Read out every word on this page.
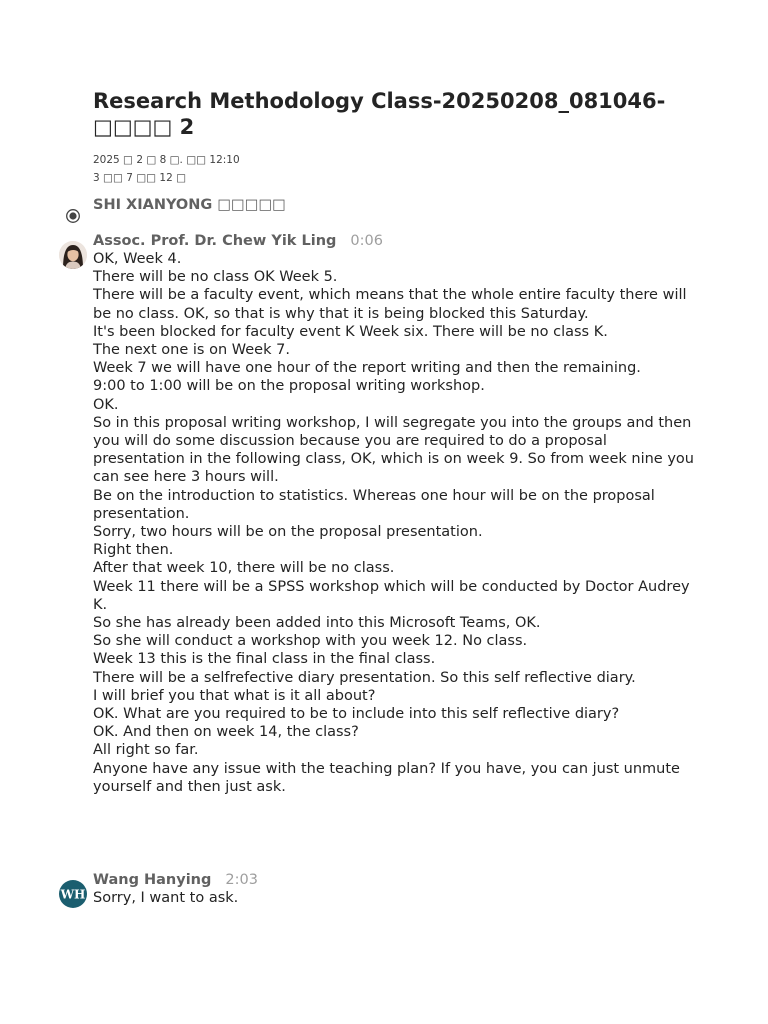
Research Methodology Class-20250208_081046-□□□□ 2
2025 □ 2 □ 8 □. □□ 12:10
3 □□ 7 □□ 12 □
SHI XIANYONG □□□□□
Assoc. Prof. Dr. Chew Yik Ling 0:06
OK, Week 4.
There will be no class OK Week 5.
There will be a faculty event, which means that the whole entire faculty there will be no class. OK, so that is why that it is being blocked this Saturday.
It's been blocked for faculty event K Week six. There will be no class K.
The next one is on Week 7.
Week 7 we will have one hour of the report writing and then the remaining.
9:00 to 1:00 will be on the proposal writing workshop.
OK.
So in this proposal writing workshop, I will segregate you into the groups and then you will do some discussion because you are required to do a proposal presentation in the following class, OK, which is on week 9. So from week nine you can see here 3 hours will.
Be on the introduction to statistics. Whereas one hour will be on the proposal presentation.
Sorry, two hours will be on the proposal presentation.
Right then.
After that week 10, there will be no class.
Week 11 there will be a SPSS workshop which will be conducted by Doctor Audrey K.
So she has already been added into this Microsoft Teams, OK.
So she will conduct a workshop with you week 12. No class.
Week 13 this is the final class in the final class.
There will be a selfrefective diary presentation. So this self reflective diary.
I will brief you that what is it all about?
OK. What are you required to be to include into this self reflective diary?
OK. And then on week 14, the class?
All right so far.
Anyone have any issue with the teaching plan? If you have, you can just unmute yourself and then just ask.
WH
Wang Hanying 2:03
Sorry, I want to ask.
